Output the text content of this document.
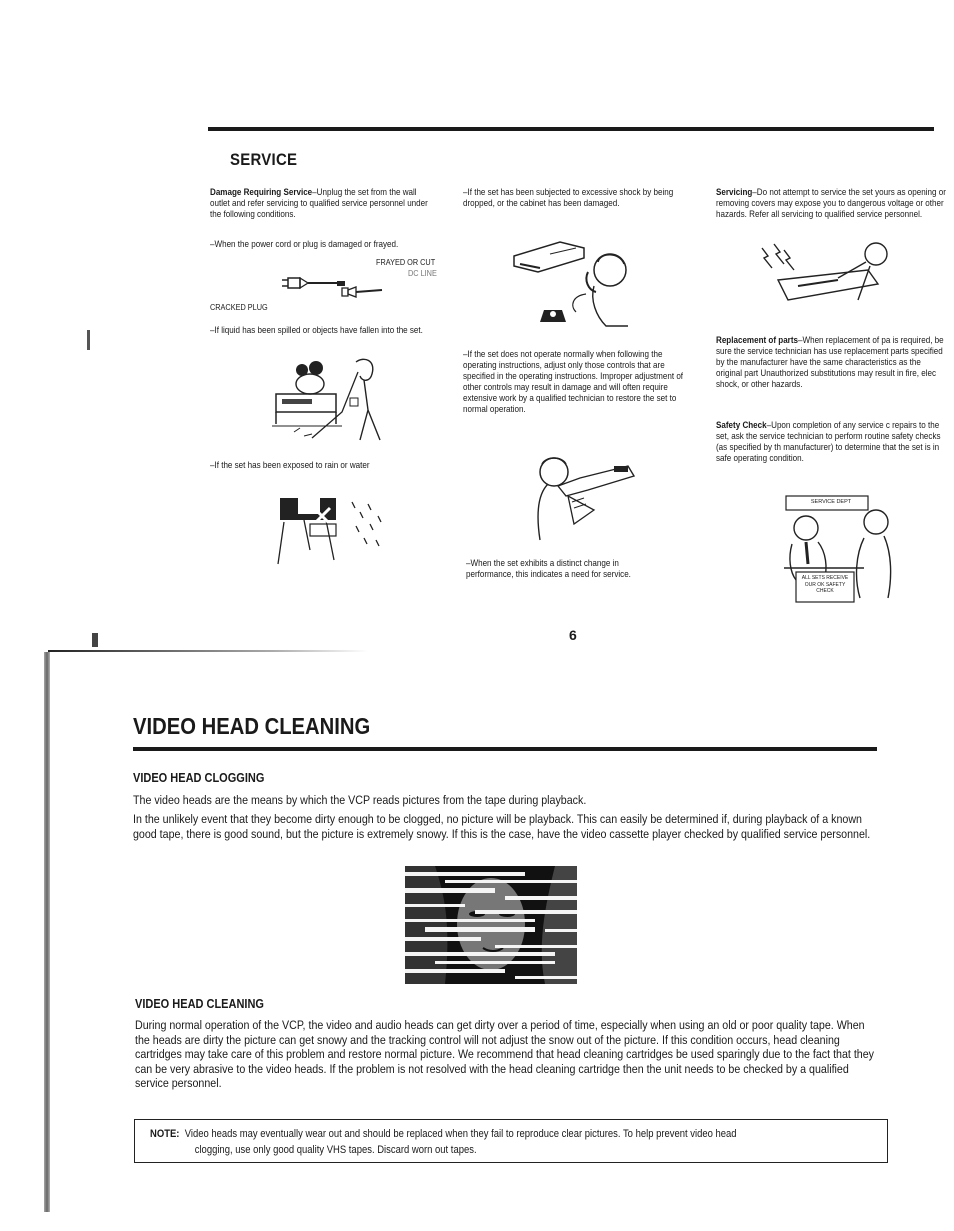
SERVICE

Damage Requiring Service–Unplug the set from the wall outlet and refer servicing to qualified service personnel under the following conditions.

–When the power cord or plug is damaged or frayed.
FRAYED OR CUT
DC LINE
CRACKED PLUG
–If liquid has been spilled or objects have fallen into the set.
–If the set has been exposed to rain or water
–If the set has been subjected to excessive shock by being dropped, or the cabinet has been damaged.
–If the set does not operate normally when following the operating instructions, adjust only those controls that are specified in the operating instructions. Improper adjustment of other controls may result in damage and will often require extensive work by a qualified technician to restore the set to normal operation.
–When the set exhibits a distinct change in performance, this indicates a need for service.

Servicing–Do not attempt to service the set yours as opening or removing covers may expose you to dangerous voltage or other hazards. Refer all servicing to qualified service personnel.

Replacement of parts–When replacement of pa is required, be sure the service technician has use replacement parts specified by the manufacturer have the same characteristics as the original part Unauthorized substitutions may result in fire, elec shock, or other hazards.

Safety Check–Upon completion of any service c repairs to the set, ask the service technician to perform routine safety checks (as specified by th manufacturer) to determine that the set is in safe operating condition.

SERVICE DEPT
ALL SETS RECEIVE OUR OK SAFETY CHECK
6
VIDEO HEAD CLEANING
VIDEO HEAD CLOGGING
The video heads are the means by which the VCP reads pictures from the tape during playback.
In the unlikely event that they become dirty enough to be clogged, no picture will be playback. This can easily be determined if, during playback of a known good tape, there is good sound, but the picture is extremely snowy. If this is the case, have the video cassette player checked by qualified service personnel.
VIDEO HEAD CLEANING
During normal operation of the VCP, the video and audio heads can get dirty over a period of time, especially when using an old or poor quality tape. When the heads are dirty the picture can get snowy and the tracking control will not adjust the snow out of the picture. If this condition occurs, head cleaning cartridges may take care of this problem and restore normal picture. We recommend that head cleaning cartridges be used sparingly due to the fact that they can be very abrasive to the video heads. If the problem is not resolved with the head cleaning cartridge then the unit needs to be checked by a qualified service personnel.
NOTE: Video heads may eventually wear out and should be replaced when they fail to reproduce clear pictures. To help prevent video head
clogging, use only good quality VHS tapes. Discard worn out tapes.
